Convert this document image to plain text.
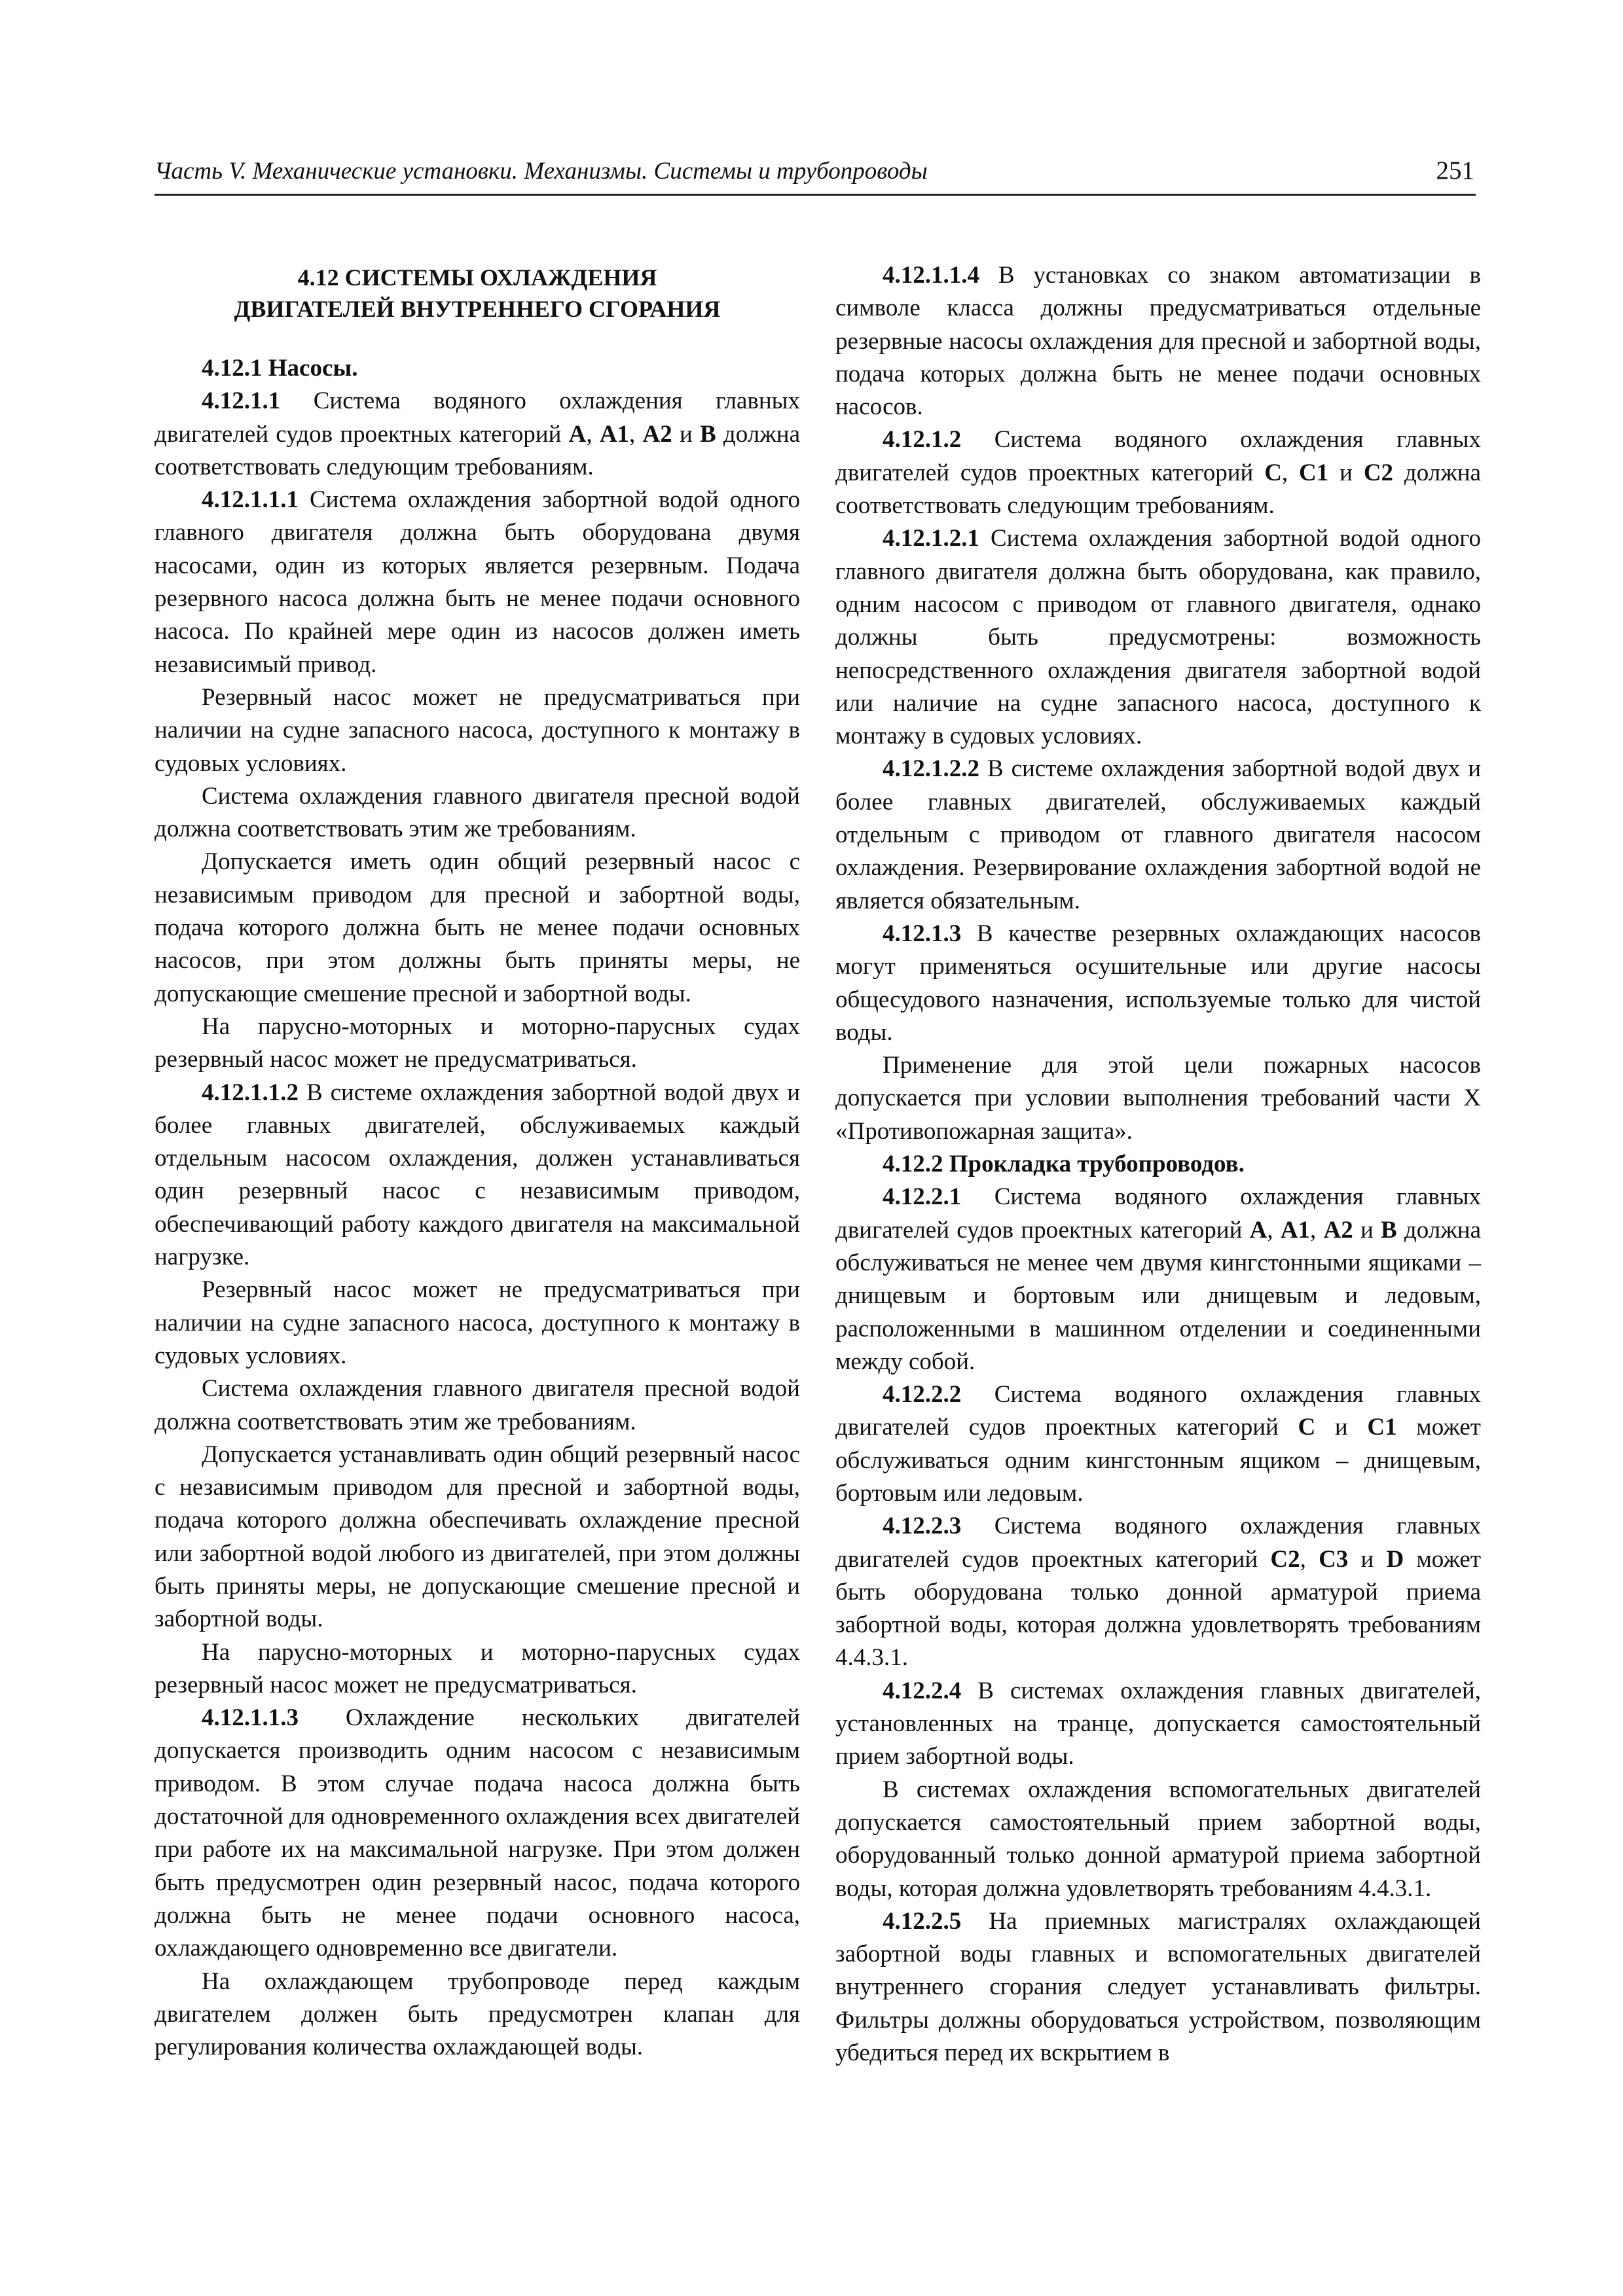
Часть V. Механические установки. Механизмы. Системы и трубопроводы	251
4.12 СИСТЕМЫ ОХЛАЖДЕНИЯ
ДВИГАТЕЛЕЙ ВНУТРЕННЕГО СГОРАНИЯ

4.12.1 Насосы.

4.12.1.1 Система водяного охлаждения главных двигателей судов проектных категорий А, А1, А2 и В должна соответствовать следующим требованиям.

4.12.1.1.1 Система охлаждения забортной водой одного главного двигателя должна быть оборудована двумя насосами, один из которых является резервным. Подача резервного насоса должна быть не менее подачи основного насоса. По крайней мере один из насосов должен иметь независимый привод.

Резервный насос может не предусматриваться при наличии на судне запасного насоса, доступного к монтажу в судовых условиях.

Система охлаждения главного двигателя пресной водой должна соответствовать этим же требованиям.

Допускается иметь один общий резервный насос с независимым приводом для пресной и забортной воды, подача которого должна быть не менее подачи основных насосов, при этом должны быть приняты меры, не допускающие смешение пресной и забортной воды.

На парусно-моторных и моторно-парусных судах резервный насос может не предусматриваться.

4.12.1.1.2 В системе охлаждения забортной водой двух и более главных двигателей, обслуживаемых каждый отдельным насосом охлаждения, должен устанавливаться один резервный насос с независимым приводом, обеспечивающий работу каждого двигателя на максимальной нагрузке.

Резервный насос может не предусматриваться при наличии на судне запасного насоса, доступного к монтажу в судовых условиях.

Система охлаждения главного двигателя пресной водой должна соответствовать этим же требованиям.

Допускается устанавливать один общий резервный насос с независимым приводом для пресной и забортной воды, подача которого должна обеспечивать охлаждение пресной или забортной водой любого из двигателей, при этом должны быть приняты меры, не допускающие смешение пресной и забортной воды.

На парусно-моторных и моторно-парусных судах резервный насос может не предусматриваться.

4.12.1.1.3 Охлаждение нескольких двигателей допускается производить одним насосом с независимым приводом. В этом случае подача насоса должна быть достаточной для одновременного охлаждения всех двигателей при работе их на максимальной нагрузке. При этом должен быть предусмотрен один резервный насос, подача которого должна быть не менее подачи основного насоса, охлаждающего одновременно все двигатели.

На охлаждающем трубопроводе перед каждым двигателем должен быть предусмотрен клапан для регулирования количества охлаждающей воды.

4.12.1.1.4 В установках со знаком автоматизации в символе класса должны предусматриваться отдельные резервные насосы охлаждения для пресной и забортной воды, подача которых должна быть не менее подачи основных насосов.

4.12.1.2 Система водяного охлаждения главных двигателей судов проектных категорий С, С1 и С2 должна соответствовать следующим требованиям.

4.12.1.2.1 Система охлаждения забортной водой одного главного двигателя должна быть оборудована, как правило, одним насосом с приводом от главного двигателя, однако должны быть предусмотрены: возможность непосредственного охлаждения двигателя забортной водой или наличие на судне запасного насоса, доступного к монтажу в судовых условиях.

4.12.1.2.2 В системе охлаждения забортной водой двух и более главных двигателей, обслуживаемых каждый отдельным с приводом от главного двигателя насосом охлаждения. Резервирование охлаждения забортной водой не является обязательным.

4.12.1.3 В качестве резервных охлаждающих насосов могут применяться осушительные или другие насосы общесудового назначения, используемые только для чистой воды.

Применение для этой цели пожарных насосов допускается при условии выполнения требований части X «Противопожарная защита».

4.12.2 Прокладка трубопроводов.

4.12.2.1 Система водяного охлаждения главных двигателей судов проектных категорий А, А1, А2 и В должна обслуживаться не менее чем двумя кингстонными ящиками – днищевым и бортовым или днищевым и ледовым, расположенными в машинном отделении и соединенными между собой.

4.12.2.2 Система водяного охлаждения главных двигателей судов проектных категорий С и С1 может обслуживаться одним кингстонным ящиком – днищевым, бортовым или ледовым.

4.12.2.3 Система водяного охлаждения главных двигателей судов проектных категорий С2, С3 и D может быть оборудована только донной арматурой приема забортной воды, которая должна удовлетворять требованиям 4.4.3.1.

4.12.2.4 В системах охлаждения главных двигателей, установленных на транце, допускается самостоятельный прием забортной воды.

В системах охлаждения вспомогательных двигателей допускается самостоятельный прием забортной воды, оборудованный только донной арматурой приема забортной воды, которая должна удовлетворять требованиям 4.4.3.1.

4.12.2.5 На приемных магистралях охлаждающей забортной воды главных и вспомогательных двигателей внутреннего сгорания следует устанавливать фильтры. Фильтры должны оборудоваться устройством, позволяющим убедиться перед их вскрытием в
